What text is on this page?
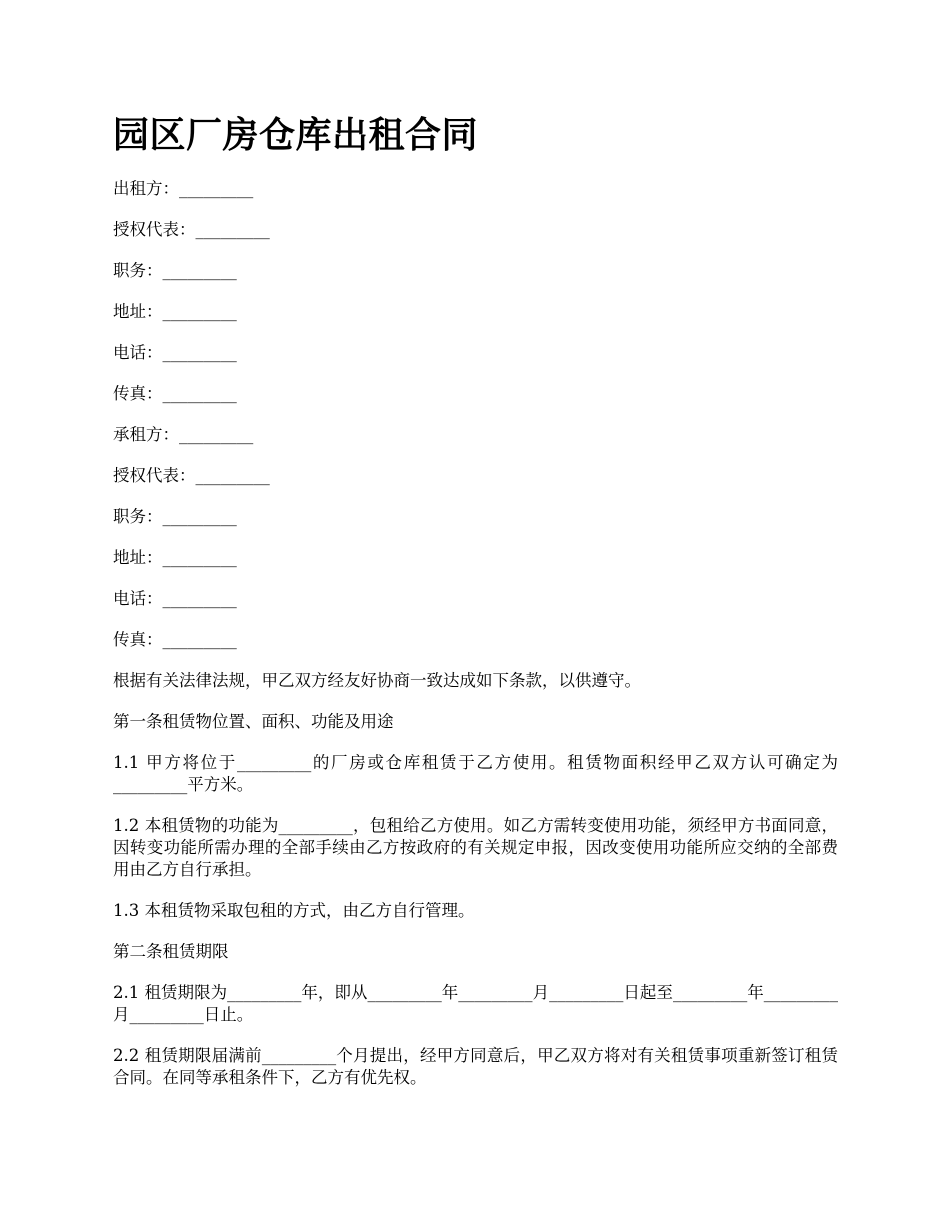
园区厂房仓库出租合同

出租方：_________

授权代表：_________

职务：_________

地址：_________

电话：_________

传真：_________

承租方：_________

授权代表：_________

职务：_________

地址：_________

电话：_________

传真：_________

根据有关法律法规，甲乙双方经友好协商一致达成如下条款，以供遵守。

第一条租赁物位置、面积、功能及用途

1.1 甲方将位于_________的厂房或仓库租赁于乙方使用。租赁物面积经甲乙双方认可确定为_________平方米。

1.2 本租赁物的功能为_________，包租给乙方使用。如乙方需转变使用功能，须经甲方书面同意，因转变功能所需办理的全部手续由乙方按政府的有关规定申报，因改变使用功能所应交纳的全部费用由乙方自行承担。

1.3 本租赁物采取包租的方式，由乙方自行管理。

第二条租赁期限

2.1 租赁期限为_________年，即从_________年_________月_________日起至_________年_________月_________日止。

2.2 租赁期限届满前_________个月提出，经甲方同意后，甲乙双方将对有关租赁事项重新签订租赁合同。在同等承租条件下，乙方有优先权。
